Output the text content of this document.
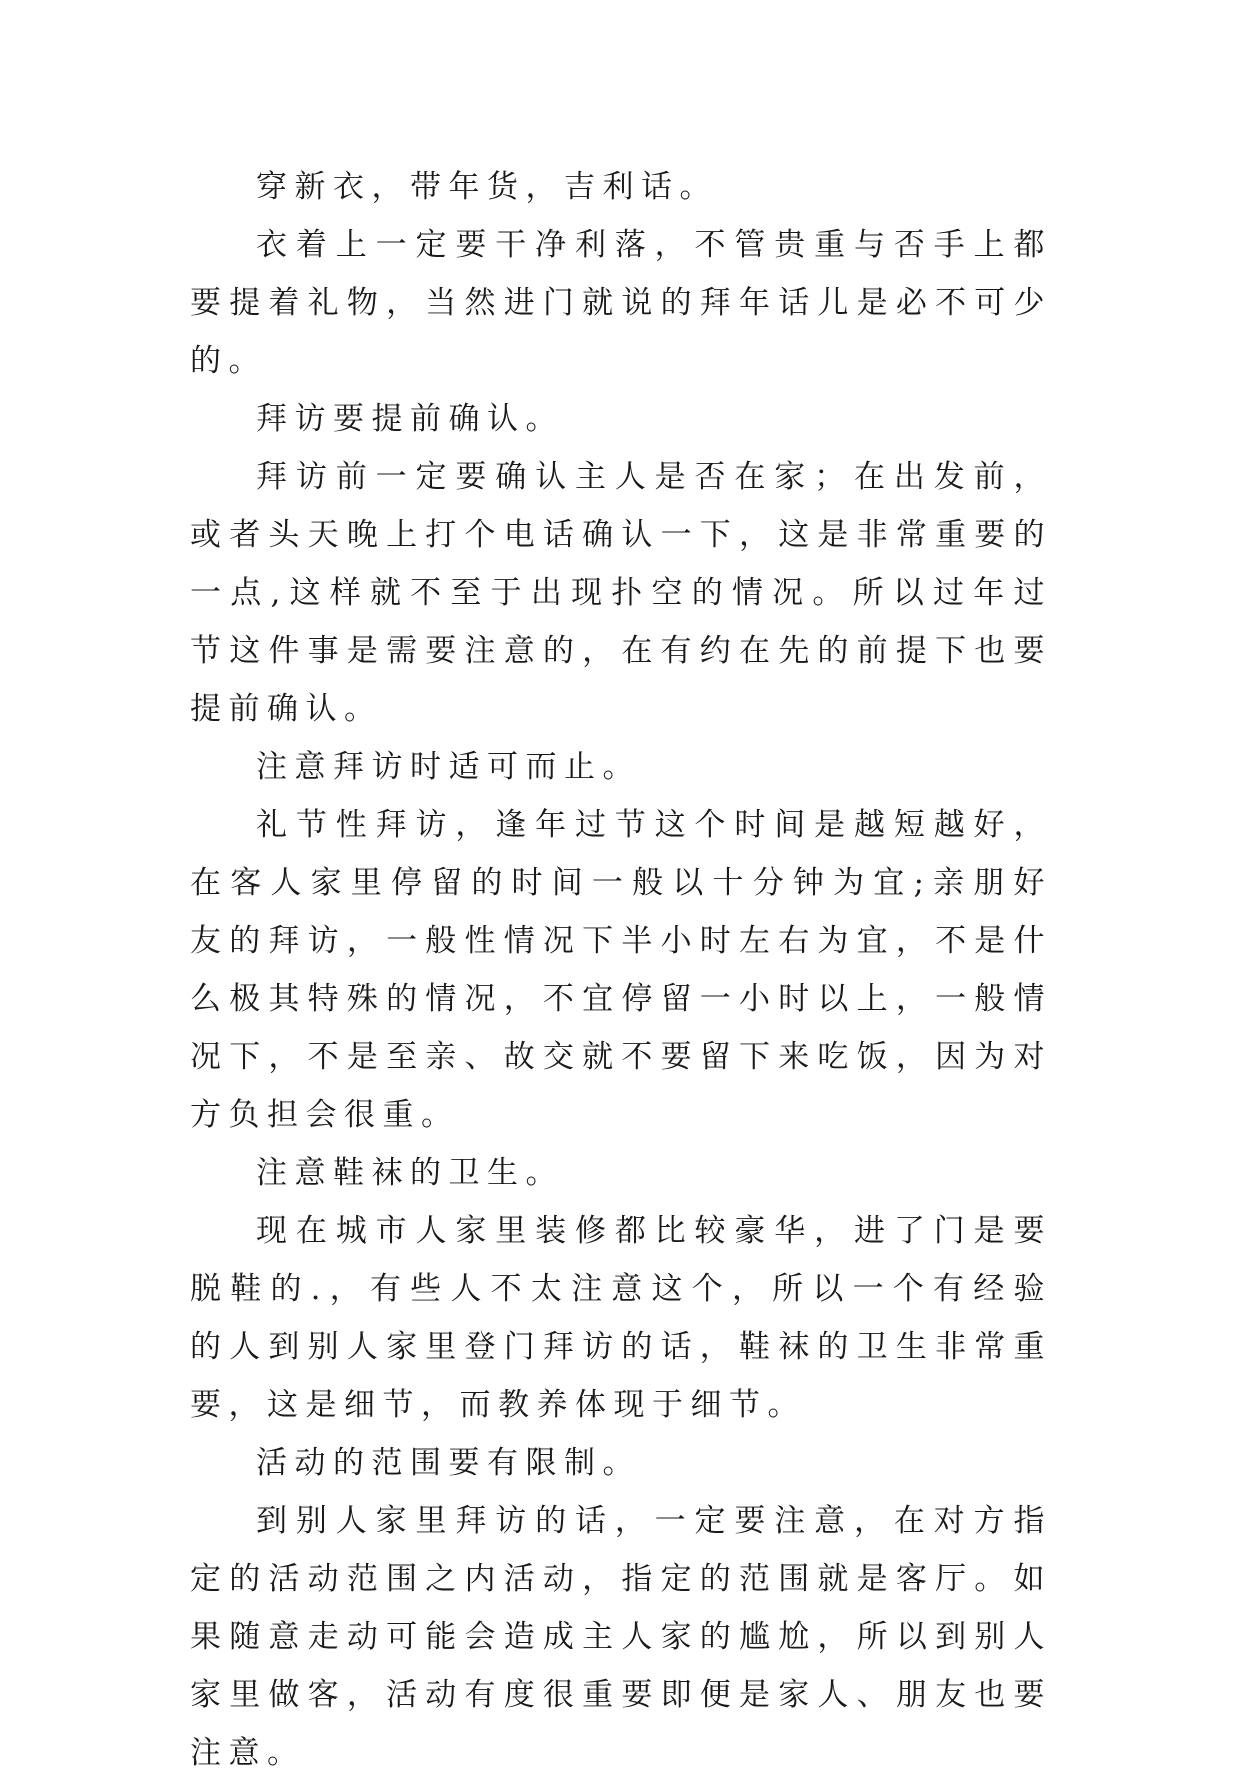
穿新衣，带年货，吉利话。

衣着上一定要干净利落，不管贵重与否手上都要提着礼物，当然进门就说的拜年话儿是必不可少的。

拜访要提前确认。

拜访前一定要确认主人是否在家；在出发前，或者头天晚上打个电话确认一下，这是非常重要的一点,这样就不至于出现扑空的情况。所以过年过节这件事是需要注意的，在有约在先的前提下也要提前确认。

注意拜访时适可而止。

礼节性拜访，逢年过节这个时间是越短越好，在客人家里停留的时间一般以十分钟为宜;亲朋好友的拜访，一般性情况下半小时左右为宜，不是什么极其特殊的情况，不宜停留一小时以上，一般情况下，不是至亲、故交就不要留下来吃饭，因为对方负担会很重。

注意鞋袜的卫生。

现在城市人家里装修都比较豪华，进了门是要脱鞋的.，有些人不太注意这个，所以一个有经验的人到别人家里登门拜访的话，鞋袜的卫生非常重要，这是细节，而教养体现于细节。

活动的范围要有限制。

到别人家里拜访的话，一定要注意，在对方指定的活动范围之内活动，指定的范围就是客厅。如果随意走动可能会造成主人家的尴尬，所以到别人家里做客，活动有度很重要即便是家人、朋友也要注意。
